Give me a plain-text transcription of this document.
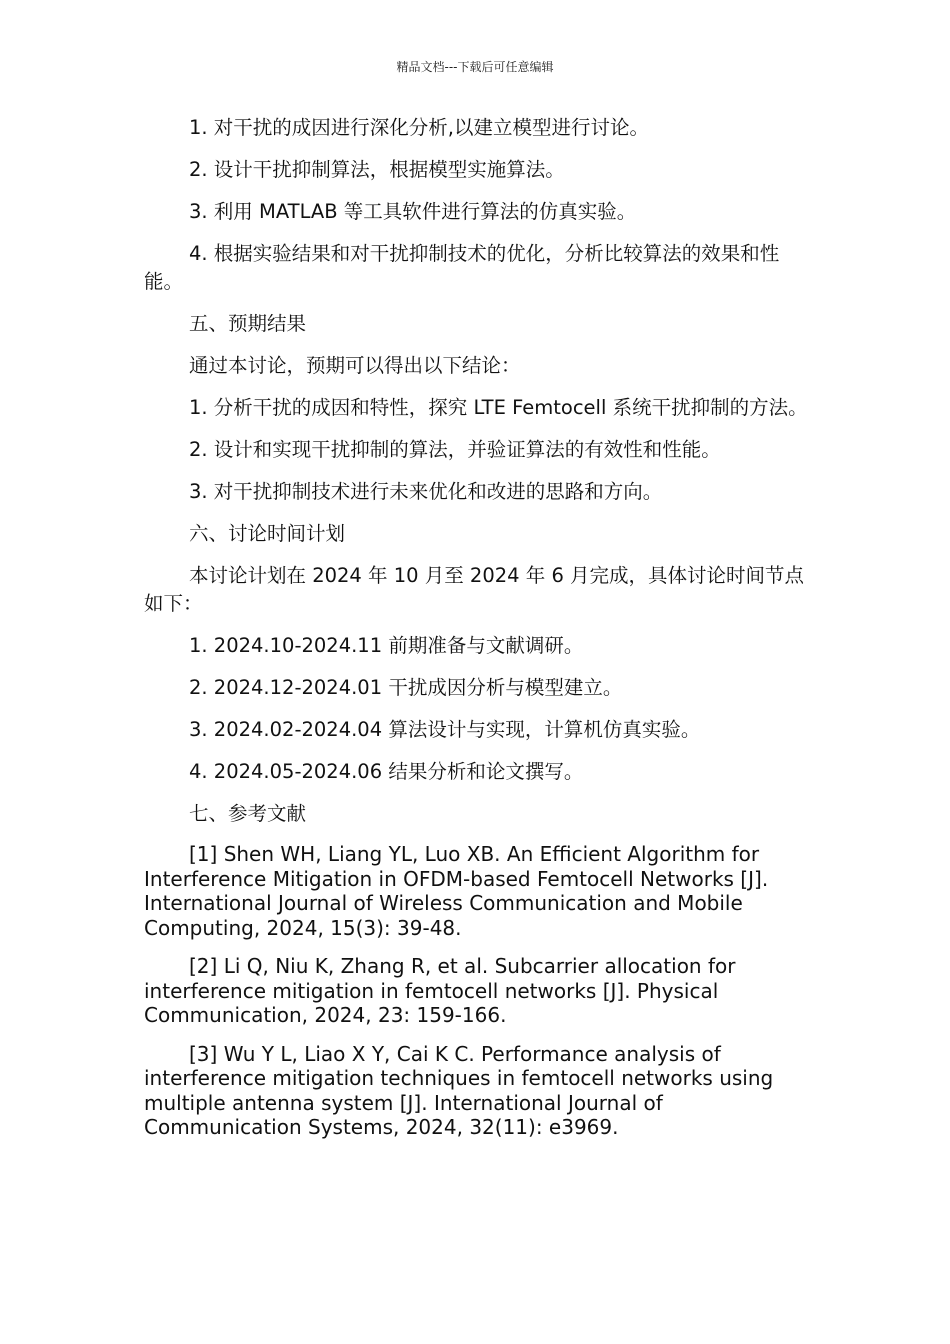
精品文档---下载后可任意编辑

1. 对干扰的成因进行深化分析,以建立模型进行讨论。

2. 设计干扰抑制算法，根据模型实施算法。

3. 利用 MATLAB 等工具软件进行算法的仿真实验。

4. 根据实验结果和对干扰抑制技术的优化，分析比较算法的效果和性能。

五、预期结果

通过本讨论，预期可以得出以下结论：

1. 分析干扰的成因和特性，探究 LTE Femtocell 系统干扰抑制的方法。

2. 设计和实现干扰抑制的算法，并验证算法的有效性和性能。

3. 对干扰抑制技术进行未来优化和改进的思路和方向。

六、讨论时间计划

本讨论计划在 2024 年 10 月至 2024 年 6 月完成，具体讨论时间节点如下：

1. 2024.10-2024.11 前期准备与文献调研。

2. 2024.12-2024.01 干扰成因分析与模型建立。

3. 2024.02-2024.04 算法设计与实现，计算机仿真实验。

4. 2024.05-2024.06 结果分析和论文撰写。

七、参考文献

[1] Shen WH, Liang YL, Luo XB. An Efficient Algorithm for Interference Mitigation in OFDM-based Femtocell Networks [J]. International Journal of Wireless Communication and Mobile Computing, 2024, 15(3): 39-48.

[2] Li Q, Niu K, Zhang R, et al. Subcarrier allocation for interference mitigation in femtocell networks [J]. Physical Communication, 2024, 23: 159-166.

[3] Wu Y L, Liao X Y, Cai K C. Performance analysis of interference mitigation techniques in femtocell networks using multiple antenna system [J]. International Journal of Communication Systems, 2024, 32(11): e3969.
